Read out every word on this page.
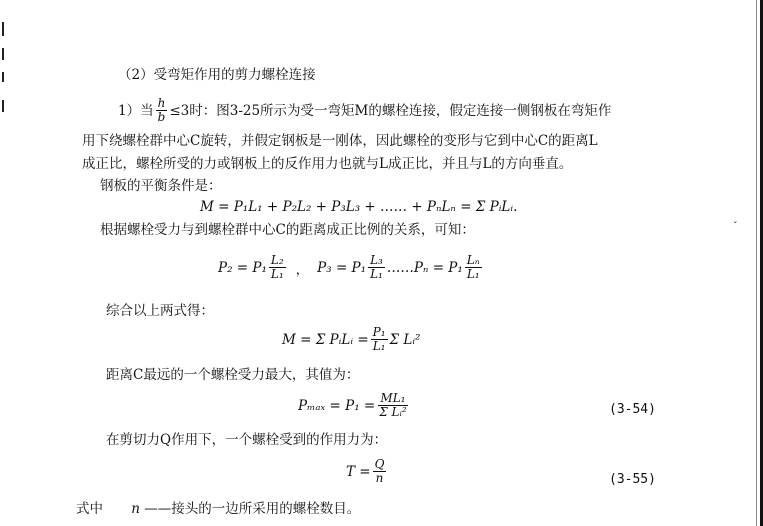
ˇ
（2）受弯矩作用的剪力螺栓连接
1）当 $\frac{h}{b} \le 3$时：图3-25所示为受一弯矩M的螺栓连接，假定连接一侧钢板在弯矩作
用下绕螺栓群中心C旋转，并假定钢板是一刚体，因此螺栓的变形与它到中心C的距离L
成正比，螺栓所受的力或钢板上的反作用力也就与L成正比，并且与L的方向垂直。
钢板的平衡条件是：
M = P₁L₁ + P₂L₂ + P₃L₃ + …… + PₙLₙ = Σ PᵢLᵢ.
根据螺栓受力与到螺栓群中心C的距离成正比例的关系，可知：
$P_2 = P_1 \frac{\text{L₂}}{\text{L₁}}$ ， $P_3 = P_1 \frac{\text{L₃}}{\text{L₁}}$ ……Pₙ = $P_1 \frac{\text{Lₙ}}{\text{L₁}}$
综合以上两式得：
M = Σ PᵢLᵢ = $\frac{\text{P₁}}{\text{L₁}}$ Σ Lᵢ²
距离C最远的一个螺栓受力最大，其值为：
$P_{max} = P_1 = \frac{\text{ML₁}}{\text{Σ Lᵢ²}}$	(3-54)
在剪切力Q作用下，一个螺栓受到的作用力为：
$T = \frac{Q}{n}$	(3-55)
式中 n ——接头的一边所采用的螺栓数目。
